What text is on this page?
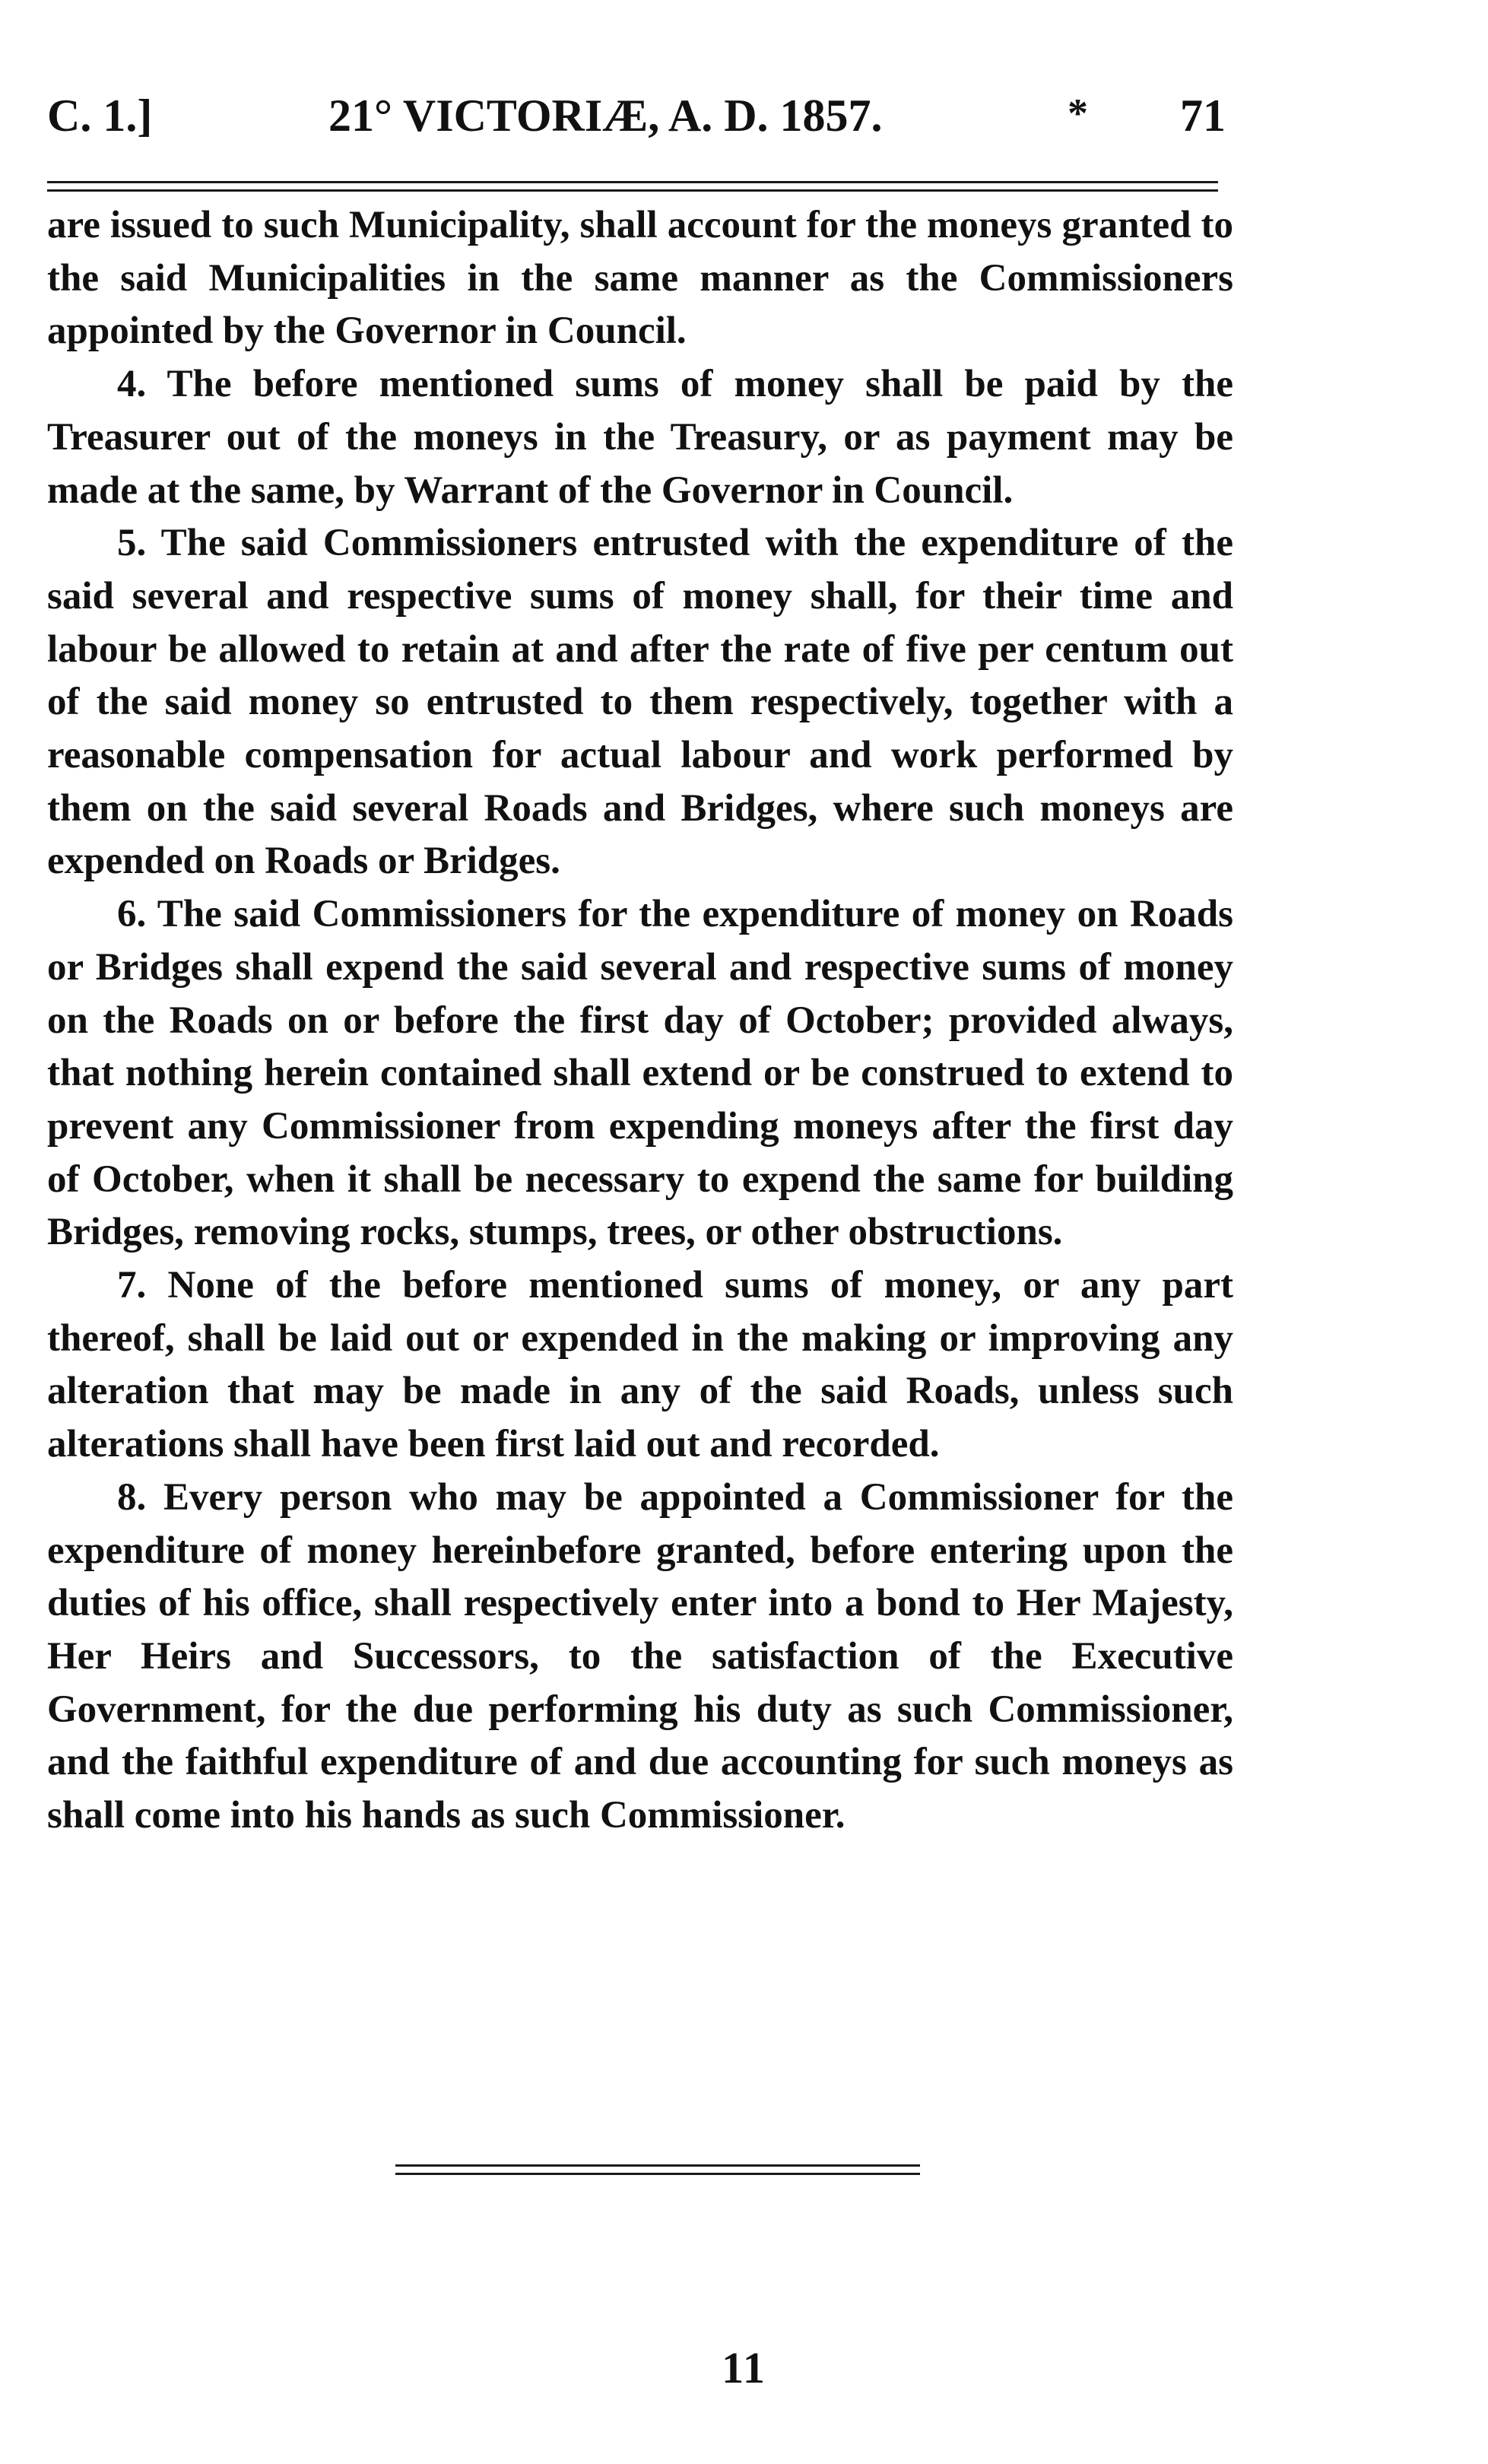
C. 1.]	21° VICTORIÆ, A. D. 1857.	* 71

are issued to such Municipality, shall account for the moneys granted to the said Municipalities in the same manner as the Commissioners appointed by the Governor in Council.

4. The before mentioned sums of money shall be paid by the Treasurer out of the moneys in the Treasury, or as payment may be made at the same, by Warrant of the Governor in Council.

5. The said Commissioners entrusted with the expenditure of the said several and respective sums of money shall, for their time and labour be allowed to retain at and after the rate of five per centum out of the said money so entrusted to them respectively, together with a reasonable compensation for actual labour and work performed by them on the said several Roads and Bridges, where such moneys are expended on Roads or Bridges.

6. The said Commissioners for the expenditure of money on Roads or Bridges shall expend the said several and respective sums of money on the Roads on or before the first day of October; provided always, that nothing herein contained shall extend or be construed to extend to prevent any Commissioner from expending moneys after the first day of October, when it shall be necessary to expend the same for building Bridges, removing rocks, stumps, trees, or other obstructions.

7. None of the before mentioned sums of money, or any part thereof, shall be laid out or expended in the making or improving any alteration that may be made in any of the said Roads, unless such alterations shall have been first laid out and recorded.

8. Every person who may be appointed a Commissioner for the expenditure of money hereinbefore granted, before entering upon the duties of his office, shall respectively enter into a bond to Her Majesty, Her Heirs and Successors, to the satisfaction of the Executive Government, for the due performing his duty as such Commissioner, and the faithful expenditure of and due accounting for such moneys as shall come into his hands as such Commissioner.

11
